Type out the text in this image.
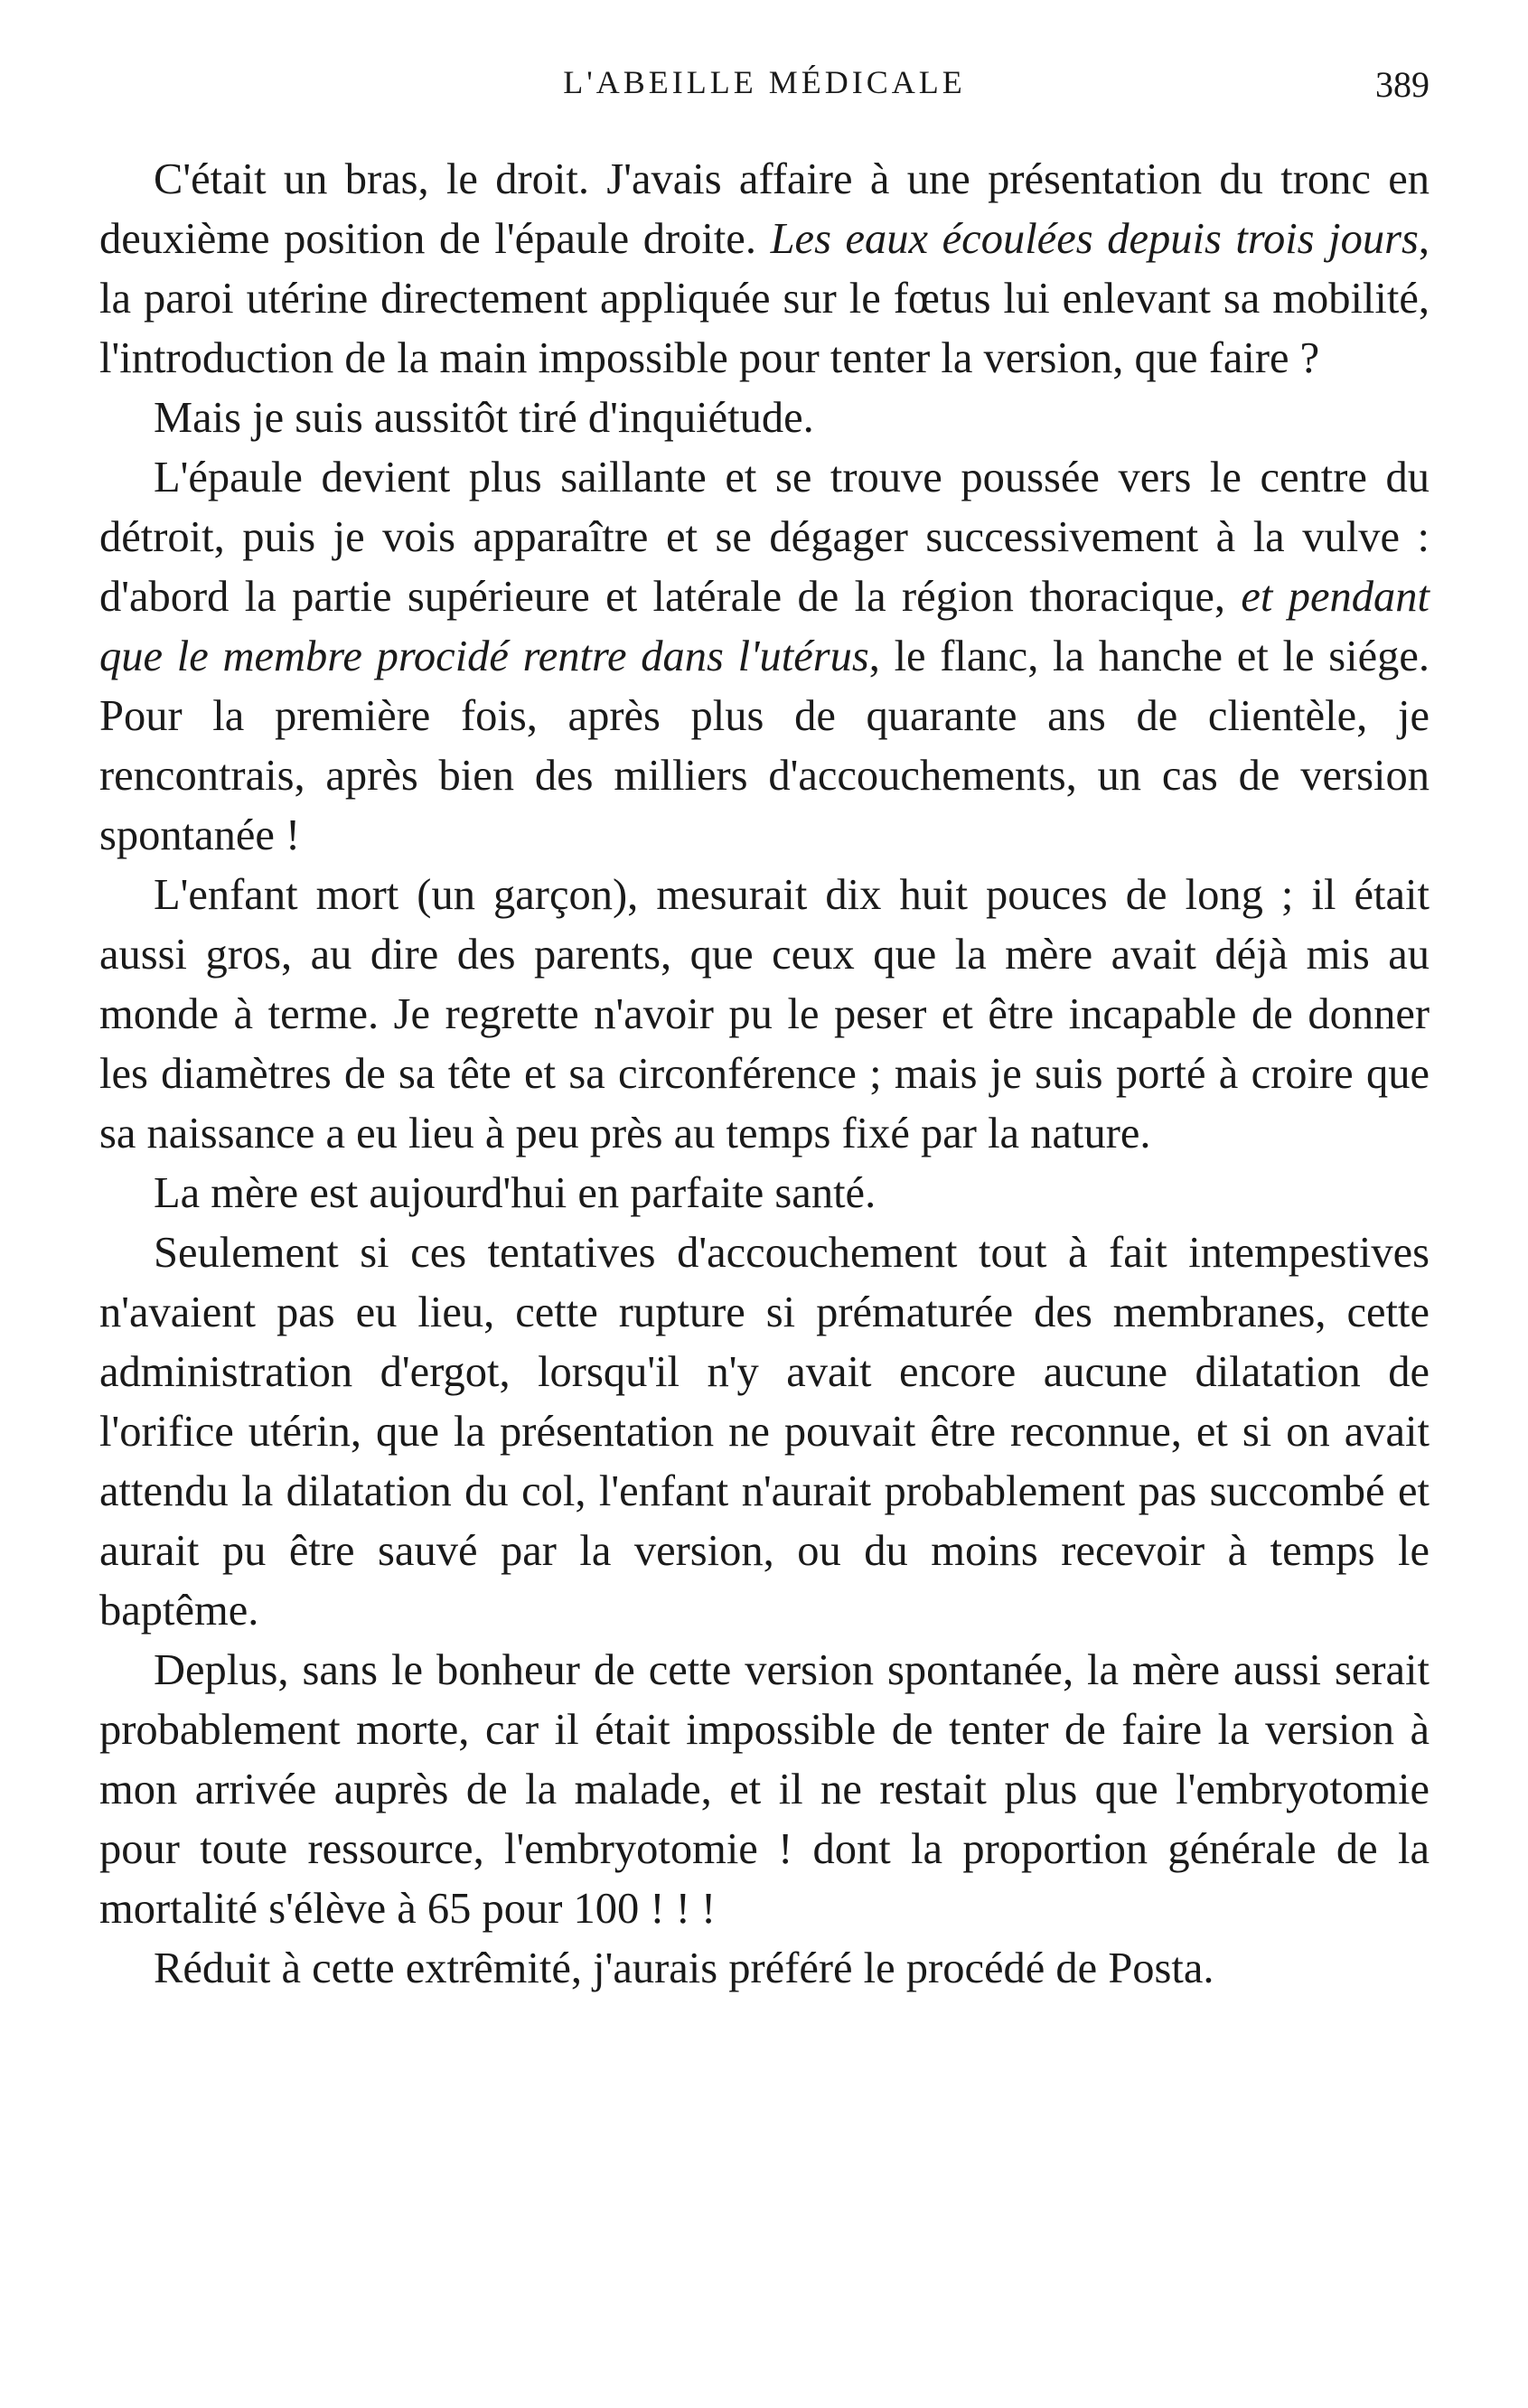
L'ABEILLE MÉDICALE	389

C'était un bras, le droit. J'avais affaire à une présentation du tronc en deuxième position de l'épaule droite. Les eaux écoulées depuis trois jours, la paroi utérine directement appliquée sur le fœtus lui enlevant sa mobilité, l'introduction de la main impossible pour tenter la version, que faire ?

Mais je suis aussitôt tiré d'inquiétude.

L'épaule devient plus saillante et se trouve poussée vers le centre du détroit, puis je vois apparaître et se dégager successivement à la vulve : d'abord la partie supérieure et latérale de la région thoracique, et pendant que le membre procidé rentre dans l'utérus, le flanc, la hanche et le siége. Pour la première fois, après plus de quarante ans de clientèle, je rencontrais, après bien des milliers d'accouchements, un cas de version spontanée !

L'enfant mort (un garçon), mesurait dix huit pouces de long ; il était aussi gros, au dire des parents, que ceux que la mère avait déjà mis au monde à terme. Je regrette n'avoir pu le peser et être incapable de donner les diamètres de sa tête et sa circonférence ; mais je suis porté à croire que sa naissance a eu lieu à peu près au temps fixé par la nature.

La mère est aujourd'hui en parfaite santé.

Seulement si ces tentatives d'accouchement tout à fait intempestives n'avaient pas eu lieu, cette rupture si prématurée des membranes, cette administration d'ergot, lorsqu'il n'y avait encore aucune dilatation de l'orifice utérin, que la présentation ne pouvait être reconnue, et si on avait attendu la dilatation du col, l'enfant n'aurait probablement pas succombé et aurait pu être sauvé par la version, ou du moins recevoir à temps le baptême.

Deplus, sans le bonheur de cette version spontanée, la mère aussi serait probablement morte, car il était impossible de tenter de faire la version à mon arrivée auprès de la malade, et il ne restait plus que l'embryotomie pour toute ressource, l'embryotomie ! dont la proportion générale de la mortalité s'élève à 65 pour 100 ! ! !

Réduit à cette extrêmité, j'aurais préféré le procédé de Posta.
